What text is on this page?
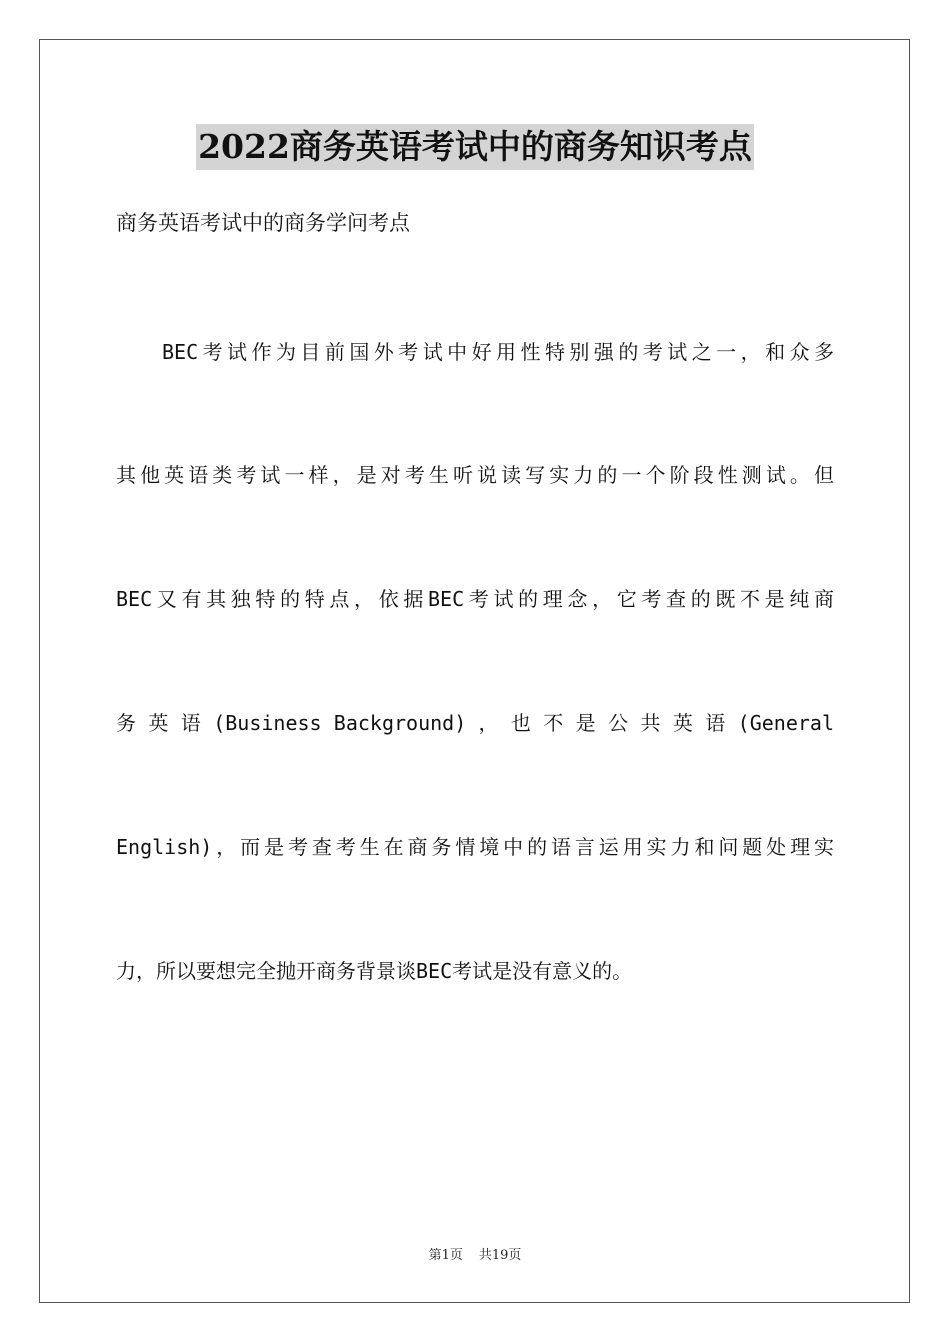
2022商务英语考试中的商务知识考点
商务英语考试中的商务学问考点
BEC考试作为目前国外考试中好用性特别强的考试之一，和众多
其他英语类考试一样，是对考生听说读写实力的一个阶段性测试。但
BEC又有其独特的特点，依据BEC考试的理念，它考查的既不是纯商
务 英 语 (Business Background) ， 也 不 是 公 共 英 语 (General
English)，而是考查考生在商务情境中的语言运用实力和问题处理实
力，所以要想完全抛开商务背景谈BEC考试是没有意义的。
第1页 共19页
